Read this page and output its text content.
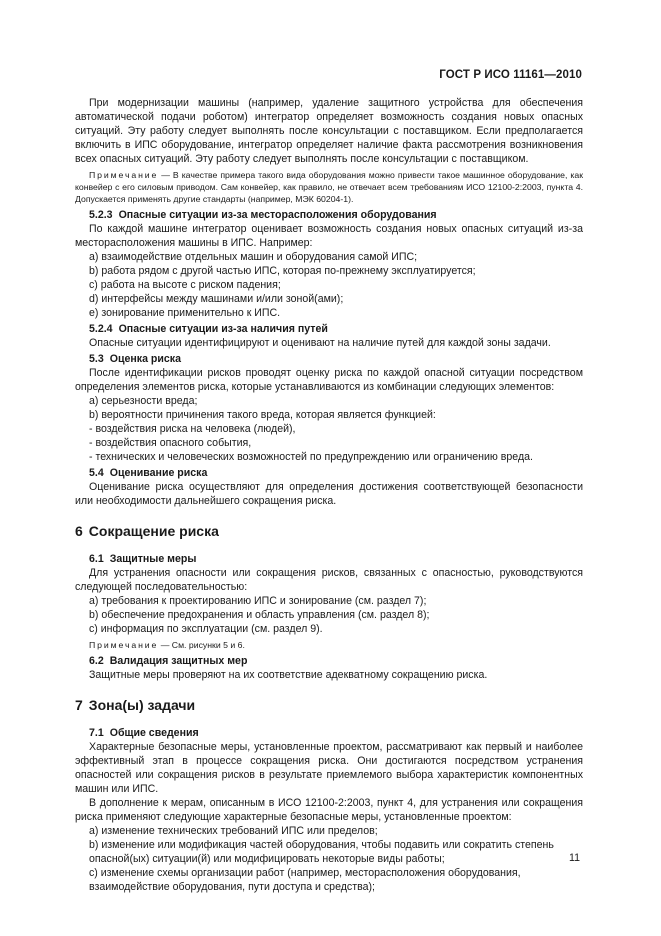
ГОСТ Р ИСО 11161—2010

При модернизации машины (например, удаление защитного устройства для обеспечения автоматической подачи роботом) интегратор определяет возможность создания новых опасных ситуаций. Эту работу следует выполнять после консультации с поставщиком. Если предполагается включить в ИПС оборудование, интегратор определяет наличие факта рассмотрения возникновения всех опасных ситуаций. Эту работу следует выполнять после консультации с поставщиком.

Примечание — В качестве примера такого вида оборудования можно привести такое машинное оборудование, как конвейер с его силовым приводом. Сам конвейер, как правило, не отвечает всем требованиям ИСО 12100-2:2003, пункта 4. Допускается применять другие стандарты (например, МЭК 60204-1).

5.2.3 Опасные ситуации из-за месторасположения оборудования

По каждой машине интегратор оценивает возможность создания новых опасных ситуаций из-за месторасположения машины в ИПС. Например:

a) взаимодействие отдельных машин и оборудования самой ИПС;

b) работа рядом с другой частью ИПС, которая по-прежнему эксплуатируется;

c) работа на высоте с риском падения;

d) интерфейсы между машинами и/или зоной(ами);

e) зонирование применительно к ИПС.

5.2.4 Опасные ситуации из-за наличия путей

Опасные ситуации идентифицируют и оценивают на наличие путей для каждой зоны задачи.

5.3 Оценка риска

После идентификации рисков проводят оценку риска по каждой опасной ситуации посредством определения элементов риска, которые устанавливаются из комбинации следующих элементов:

a) серьезности вреда;

b) вероятности причинения такого вреда, которая является функцией:

- воздействия риска на человека (людей),

- воздействия опасного события,

- технических и человеческих возможностей по предупреждению или ограничению вреда.

5.4 Оценивание риска

Оценивание риска осуществляют для определения достижения соответствующей безопасности или необходимости дальнейшего сокращения риска.

6 Сокращение риска

6.1 Защитные меры

Для устранения опасности или сокращения рисков, связанных с опасностью, руководствуются следующей последовательностью:

a) требования к проектированию ИПС и зонирование (см. раздел 7);

b) обеспечение предохранения и область управления (см. раздел 8);

c) информация по эксплуатации (см. раздел 9).

Примечание — См. рисунки 5 и 6.

6.2 Валидация защитных мер

Защитные меры проверяют на их соответствие адекватному сокращению риска.

7 Зона(ы) задачи

7.1 Общие сведения

Характерные безопасные меры, установленные проектом, рассматривают как первый и наиболее эффективный этап в процессе сокращения риска. Они достигаются посредством устранения опасностей или сокращения рисков в результате приемлемого выбора характеристик компонентных машин или ИПС.

В дополнение к мерам, описанным в ИСО 12100-2:2003, пункт 4, для устранения или сокращения риска применяют следующие характерные безопасные меры, установленные проектом:

a) изменение технических требований ИПС или пределов;

b) изменение или модификация частей оборудования, чтобы подавить или сократить степень опасной(ых) ситуации(й) или модифицировать некоторые виды работы;

c) изменение схемы организации работ (например, месторасположения оборудования, взаимодействие оборудования, пути доступа и средства);

11
